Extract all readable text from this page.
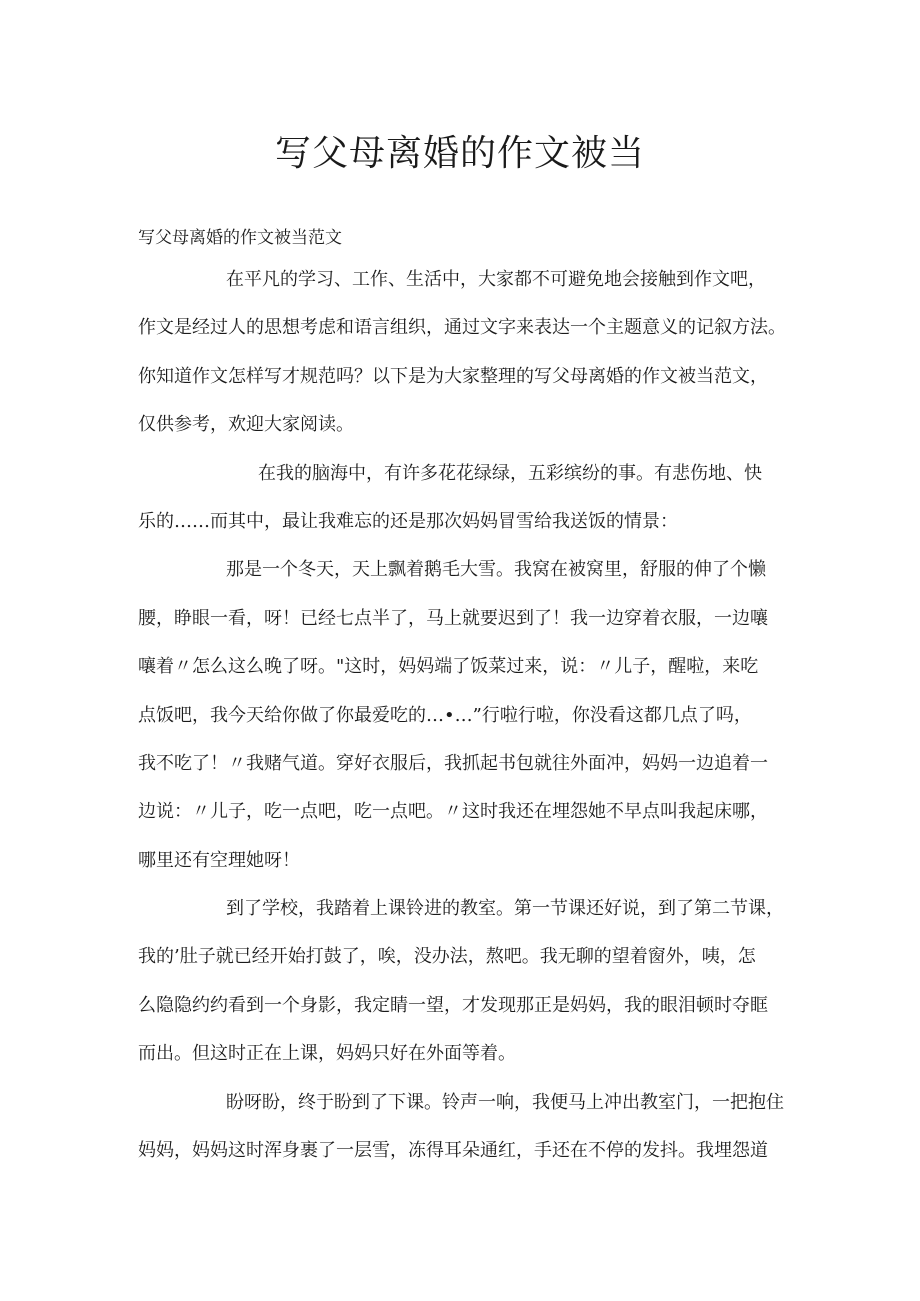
写父母离婚的作文被当

写父母离婚的作文被当范文

在平凡的学习、工作、生活中，大家都不可避免地会接触到作文吧，

作文是经过人的思想考虑和语言组织，通过文字来表达一个主题意义的记叙方法。

你知道作文怎样写才规范吗？以下是为大家整理的写父母离婚的作文被当范文，

仅供参考，欢迎大家阅读。

在我的脑海中，有许多花花绿绿，五彩缤纷的事。有悲伤地、快

乐的……而其中，最让我难忘的还是那次妈妈冒雪给我送饭的情景：

那是一个冬天，天上飘着鹅毛大雪。我窝在被窝里，舒服的伸了个懒

腰，睁眼一看，呀！已经七点半了，马上就要迟到了！我一边穿着衣服，一边嚷

嚷着〃怎么这么晚了呀。"这时，妈妈端了饭菜过来，说：〃儿子，醒啦，来吃

点饭吧，我今天给你做了你最爱吃的…•…”行啦行啦，你没看这都几点了吗，

我不吃了！〃我赌气道。穿好衣服后，我抓起书包就往外面冲，妈妈一边追着一

边说：〃儿子，吃一点吧，吃一点吧。〃这时我还在埋怨她不早点叫我起床哪，

哪里还有空理她呀！

到了学校，我踏着上课铃进的教室。第一节课还好说，到了第二节课，

我的’肚子就已经开始打鼓了，唉，没办法，熬吧。我无聊的望着窗外，咦，怎

么隐隐约约看到一个身影，我定睛一望，才发现那正是妈妈，我的眼泪顿时夺眶

而出。但这时正在上课，妈妈只好在外面等着。

盼呀盼，终于盼到了下课。铃声一响，我便马上冲出教室门，一把抱住

妈妈，妈妈这时浑身裹了一层雪，冻得耳朵通红，手还在不停的发抖。我埋怨道
